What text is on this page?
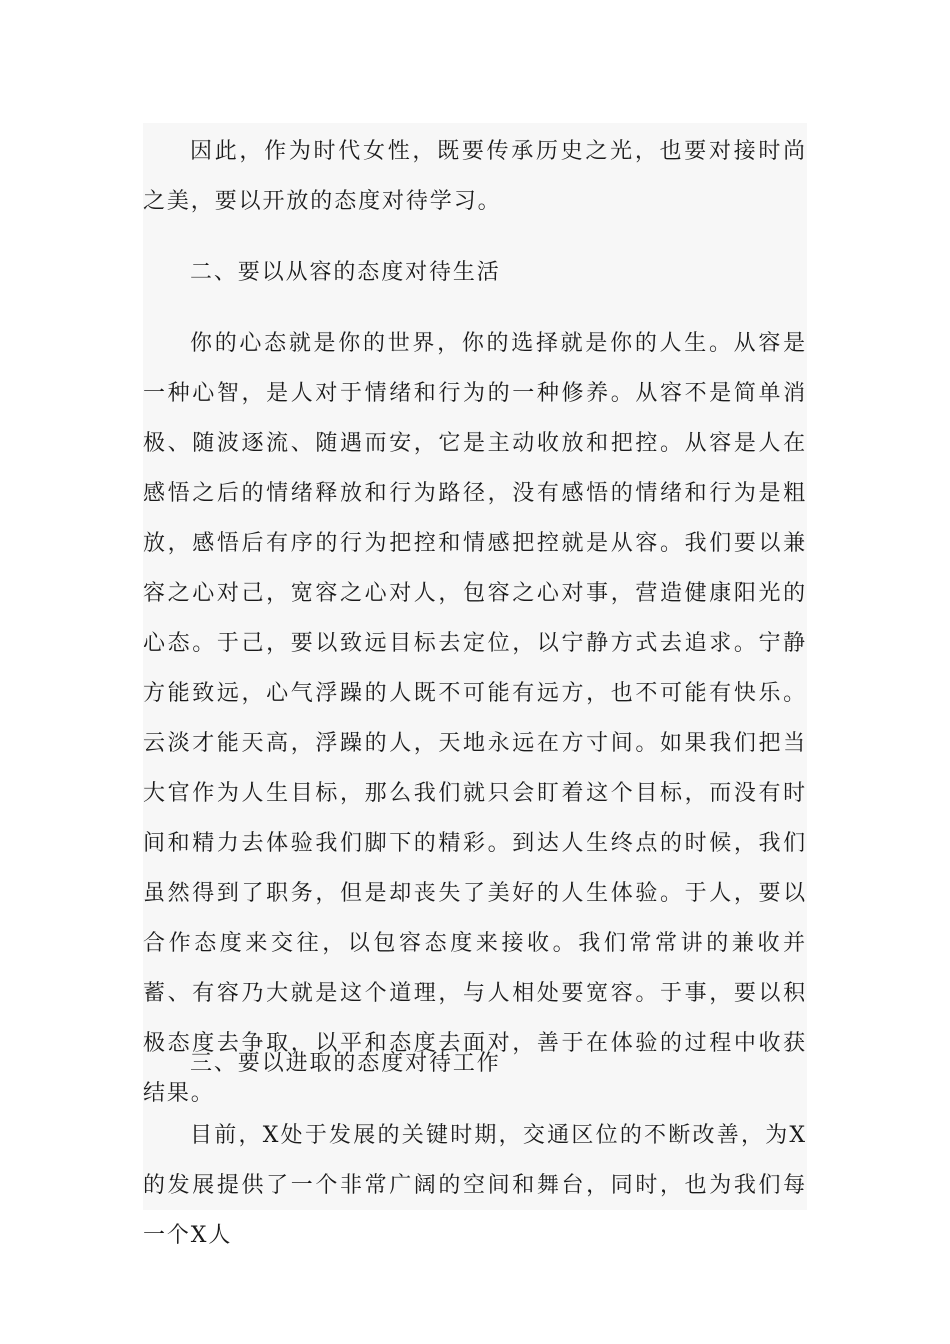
因此，作为时代女性，既要传承历史之光，也要对接时尚之美，要以开放的态度对待学习。

二、要以从容的态度对待生活

你的心态就是你的世界，你的选择就是你的人生。从容是一种心智，是人对于情绪和行为的一种修养。从容不是简单消极、随波逐流、随遇而安，它是主动收放和把控。从容是人在感悟之后的情绪释放和行为路径，没有感悟的情绪和行为是粗放，感悟后有序的行为把控和情感把控就是从容。我们要以兼容之心对己，宽容之心对人，包容之心对事，营造健康阳光的心态。于己，要以致远目标去定位，以宁静方式去追求。宁静方能致远，心气浮躁的人既不可能有远方，也不可能有快乐。云淡才能天高，浮躁的人，天地永远在方寸间。如果我们把当大官作为人生目标，那么我们就只会盯着这个目标，而没有时间和精力去体验我们脚下的精彩。到达人生终点的时候，我们虽然得到了职务，但是却丧失了美好的人生体验。于人，要以合作态度来交往，以包容态度来接收。我们常常讲的兼收并蓄、有容乃大就是这个道理，与人相处要宽容。于事，要以积极态度去争取，以平和态度去面对，善于在体验的过程中收获结果。

三、要以进取的态度对待工作

目前，X处于发展的关键时期，交通区位的不断改善，为X的发展提供了一个非常广阔的空间和舞台，同时，也为我们每一个X人
